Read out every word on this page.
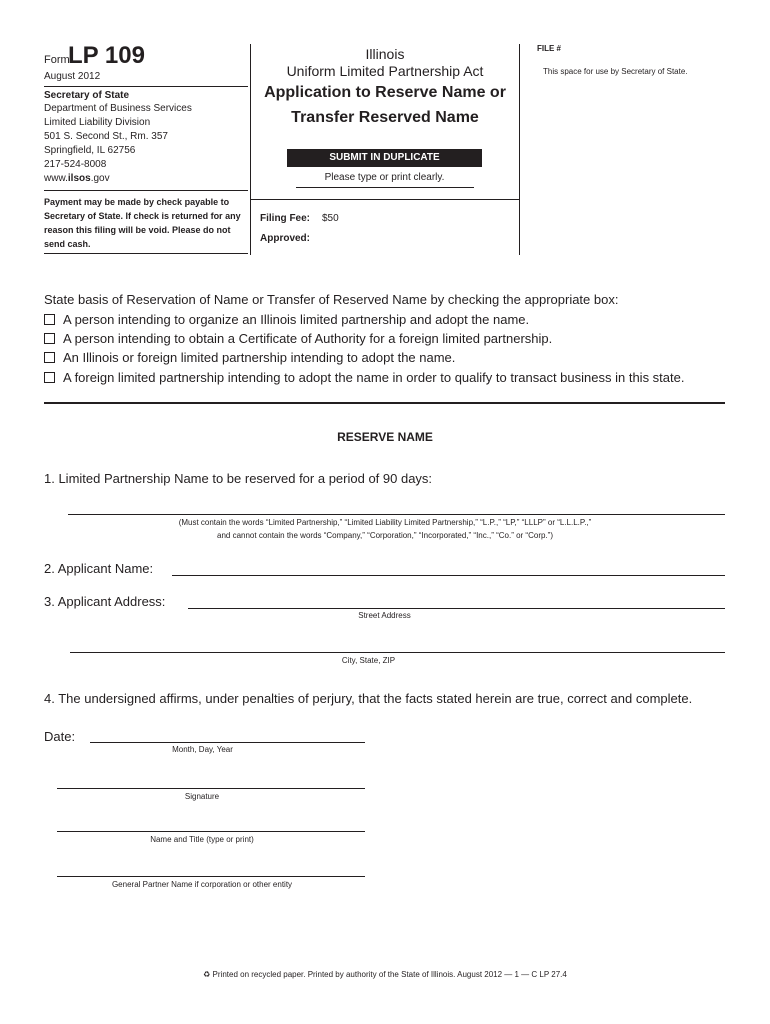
Form
LP 109
August 2012
Secretary of State
Department of Business Services
Limited Liability Division
501 S. Second St., Rm. 357
Springfield, IL 62756
217-524-8008
www.ilsos.gov
Payment may be made by check payable to Secretary of State. If check is returned for any reason this filing will be void. Please do not send cash.
Illinois
Uniform Limited Partnership Act
Application to Reserve Name or
Transfer Reserved Name
SUBMIT IN DUPLICATE
Please type or print clearly.
Filing Fee: $50
Approved:
FILE #
This space for use by Secretary of State.
State basis of Reservation of Name or Transfer of Reserved Name by checking the appropriate box:
A person intending to organize an Illinois limited partnership and adopt the name.
A person intending to obtain a Certificate of Authority for a foreign limited partnership.
An Illinois or foreign limited partnership intending to adopt the name.
A foreign limited partnership intending to adopt the name in order to qualify to transact business in this state.
RESERVE NAME
1. Limited Partnership Name to be reserved for a period of 90 days:
(Must contain the words “Limited Partnership,” “Limited Liability Limited Partnership,” “L.P.,” “LP,” “LLLP” or “L.L.L.P.,”
and cannot contain the words “Company,” “Corporation,” “Incorporated,” “Inc.,” “Co.” or “Corp.”)
2. Applicant Name:
3. Applicant Address:
Street Address
City, State, ZIP
4. The undersigned affirms, under penalties of perjury, that the facts stated herein are true, correct and complete.
Date:
Month, Day, Year
Signature
Name and Title (type or print)
General Partner Name if corporation or other entity
♻ Printed on recycled paper. Printed by authority of the State of Illinois. August 2012 — 1 — C LP 27.4
